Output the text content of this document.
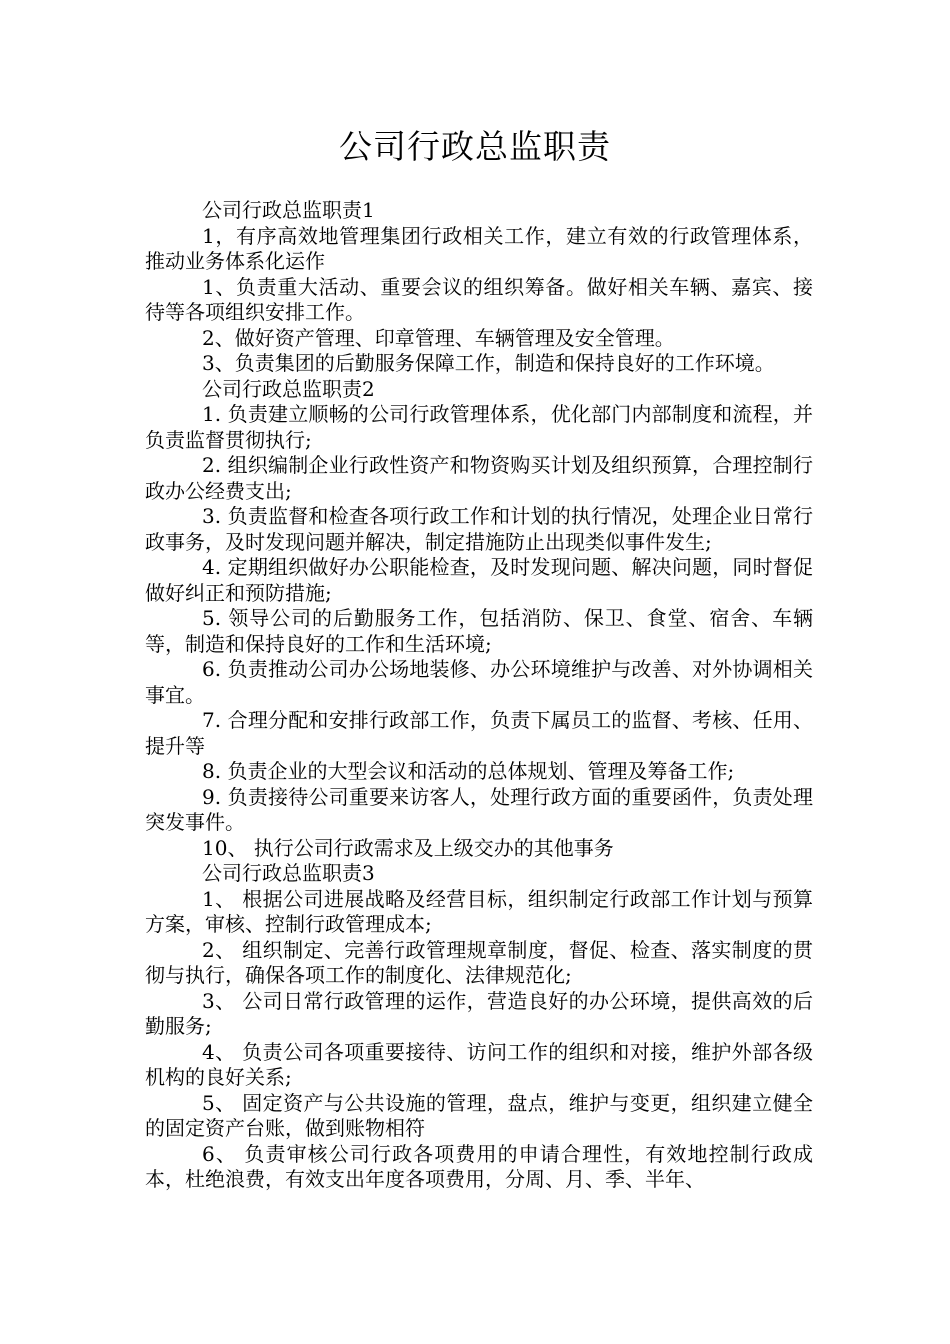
公司行政总监职责

公司行政总监职责1

1，有序高效地管理集团行政相关工作，建立有效的行政管理体系，推动业务体系化运作

1、负责重大活动、重要会议的组织筹备。做好相关车辆、嘉宾、接待等各项组织安排工作。

2、做好资产管理、印章管理、车辆管理及安全管理。

3、负责集团的后勤服务保障工作，制造和保持良好的工作环境。

公司行政总监职责2

1. 负责建立顺畅的公司行政管理体系，优化部门内部制度和流程，并负责监督贯彻执行;

2. 组织编制企业行政性资产和物资购买计划及组织预算，合理控制行政办公经费支出;

3. 负责监督和检查各项行政工作和计划的执行情况，处理企业日常行政事务，及时发现问题并解决，制定措施防止出现类似事件发生;

4. 定期组织做好办公职能检查，及时发现问题、解决问题，同时督促做好纠正和预防措施;

5. 领导公司的后勤服务工作，包括消防、保卫、食堂、宿舍、车辆等，制造和保持良好的工作和生活环境;

6. 负责推动公司办公场地装修、办公环境维护与改善、对外协调相关事宜。

7. 合理分配和安排行政部工作，负责下属员工的监督、考核、任用、提升等

8. 负责企业的大型会议和活动的总体规划、管理及筹备工作;

9. 负责接待公司重要来访客人，处理行政方面的重要函件，负责处理突发事件。

10、 执行公司行政需求及上级交办的其他事务

公司行政总监职责3

1、 根据公司进展战略及经营目标，组织制定行政部工作计划与预算方案，审核、控制行政管理成本;

2、 组织制定、完善行政管理规章制度，督促、检查、落实制度的贯彻与执行，确保各项工作的制度化、法律规范化;

3、 公司日常行政管理的运作，营造良好的办公环境，提供高效的后勤服务;

4、 负责公司各项重要接待、访问工作的组织和对接，维护外部各级机构的良好关系;

5、 固定资产与公共设施的管理，盘点，维护与变更，组织建立健全的固定资产台账，做到账物相符

6、 负责审核公司行政各项费用的申请合理性，有效地控制行政成本，杜绝浪费，有效支出年度各项费用，分周、月、季、半年、
